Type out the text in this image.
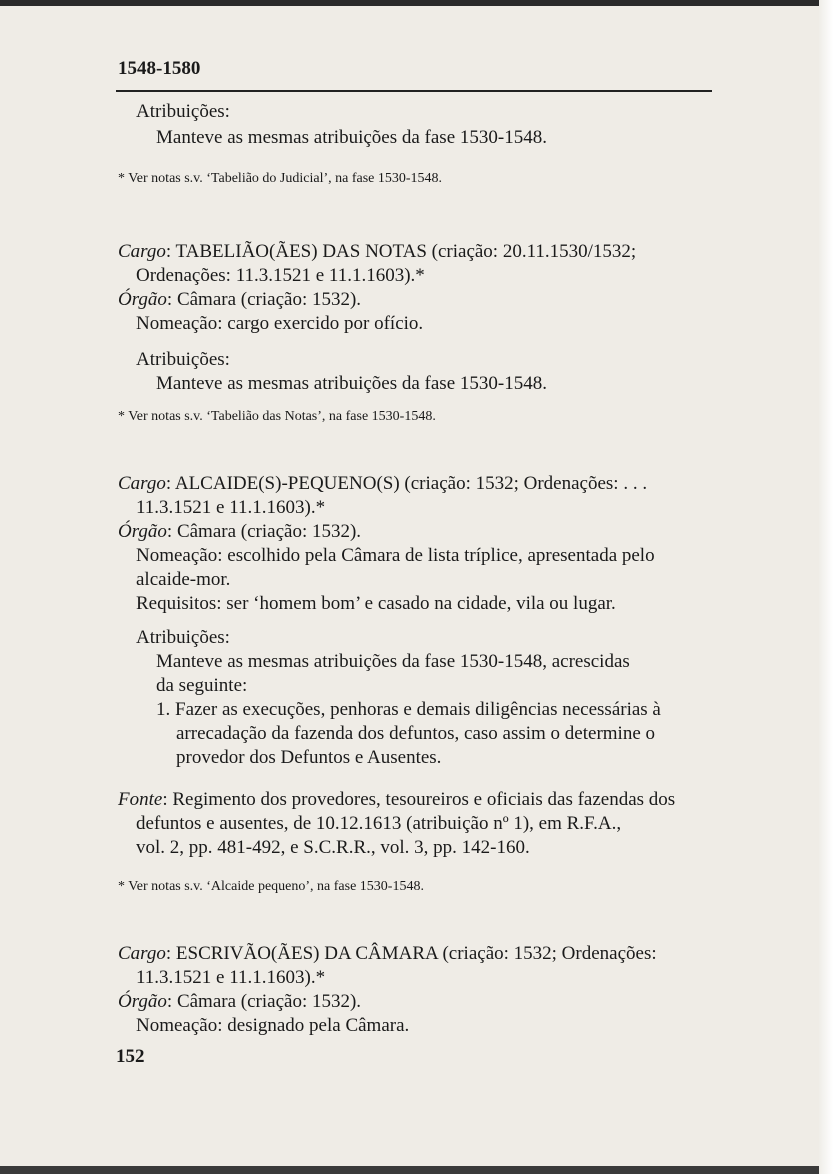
1548-1580
Atribuições:
Manteve as mesmas atribuições da fase 1530-1548.
* Ver notas s.v. ‘Tabelião do Judicial’, na fase 1530-1548.
Cargo: TABELIÃO(ÃES) DAS NOTAS (criação: 20.11.1530/1532;
Ordenações: 11.3.1521 e 11.1.1603).*
Órgão: Câmara (criação: 1532).
Nomeação: cargo exercido por ofício.
Atribuições:
Manteve as mesmas atribuições da fase 1530-1548.
* Ver notas s.v. ‘Tabelião das Notas’, na fase 1530-1548.
Cargo: ALCAIDE(S)-PEQUENO(S) (criação: 1532; Ordenações: . . .
11.3.1521 e 11.1.1603).*
Órgão: Câmara (criação: 1532).
Nomeação: escolhido pela Câmara de lista tríplice, apresentada pelo
alcaide-mor.
Requisitos: ser ‘homem bom’ e casado na cidade, vila ou lugar.
Atribuições:
Manteve as mesmas atribuições da fase 1530-1548, acrescidas
da seguinte:
1. Fazer as execuções, penhoras e demais diligências necessárias à
arrecadação da fazenda dos defuntos, caso assim o determine o
provedor dos Defuntos e Ausentes.
Fonte: Regimento dos provedores, tesoureiros e oficiais das fazendas dos
defuntos e ausentes, de 10.12.1613 (atribuição nº 1), em R.F.A.,
vol. 2, pp. 481-492, e S.C.R.R., vol. 3, pp. 142-160.
* Ver notas s.v. ‘Alcaide pequeno’, na fase 1530-1548.
Cargo: ESCRIVÃO(ÃES) DA CÂMARA (criação: 1532; Ordenações:
11.3.1521 e 11.1.1603).*
Órgão: Câmara (criação: 1532).
Nomeação: designado pela Câmara.
152
